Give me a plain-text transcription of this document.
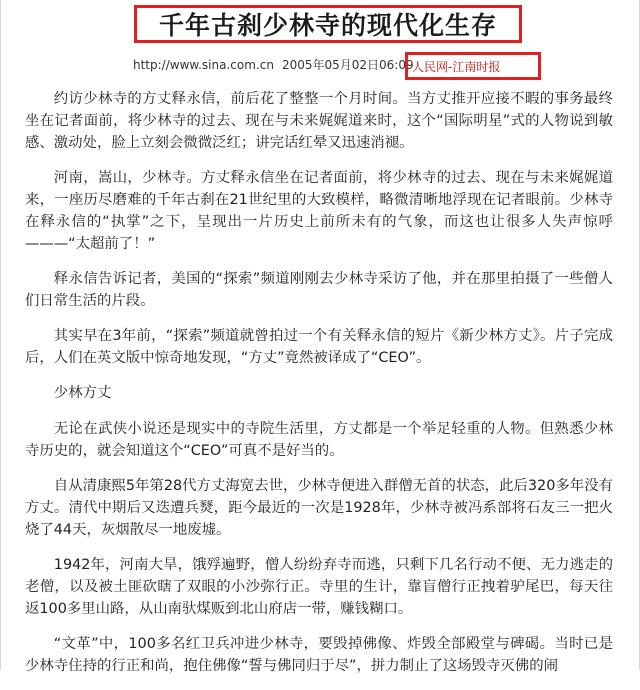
千年古刹少林寺的现代化生存
http://www.sina.com.cn 2005年05月02日06:09
人民网-江南时报

约访少林寺的方丈释永信，前后花了整整一个月时间。当方丈推开应接不暇的事务最终坐在记者面前，将少林寺的过去、现在与未来娓娓道来时，这个“国际明星”式的人物说到敏感、激动处，脸上立刻会微微泛红；讲完话红晕又迅速消褪。

河南，嵩山，少林寺。方丈释永信坐在记者面前，将少林寺的过去、现在与未来娓娓道来，一座历尽磨难的千年古刹在21世纪里的大致模样，略微清晰地浮现在记者眼前。少林寺在释永信的“执掌”之下，呈现出一片历史上前所未有的气象，而这也让很多人失声惊呼———“太超前了！”

释永信告诉记者，美国的“探索”频道刚刚去少林寺采访了他，并在那里拍摄了一些僧人们日常生活的片段。

其实早在3年前，“探索”频道就曾拍过一个有关释永信的短片《新少林方丈》。片子完成后，人们在英文版中惊奇地发现，“方丈”竟然被译成了“CEO”。

少林方丈

无论在武侠小说还是现实中的寺院生活里，方丈都是一个举足轻重的人物。但熟悉少林寺历史的，就会知道这个“CEO”可真不是好当的。

自从清康熙5年第28代方丈海宽去世，少林寺便进入群僧无首的状态，此后320多年没有方丈。清代中期后又迭遭兵燹，距今最近的一次是1928年，少林寺被冯系部将石友三一把火烧了44天，灰烟散尽一地废墟。

1942年，河南大旱，饿殍遍野，僧人纷纷弃寺而逃，只剩下几名行动不便、无力逃走的老僧，以及被土匪砍瞎了双眼的小沙弥行正。寺里的生计，靠盲僧行正拽着驴尾巴，每天往返100多里山路，从山南驮煤贩到北山府店一带，赚钱糊口。

“文革”中，100多名红卫兵冲进少林寺，要毁掉佛像、炸毁全部殿堂与碑碣。当时已是少林寺住持的行正和尚，抱住佛像“誓与佛同归于尽”，拼力制止了这场毁寺灭佛的闹
